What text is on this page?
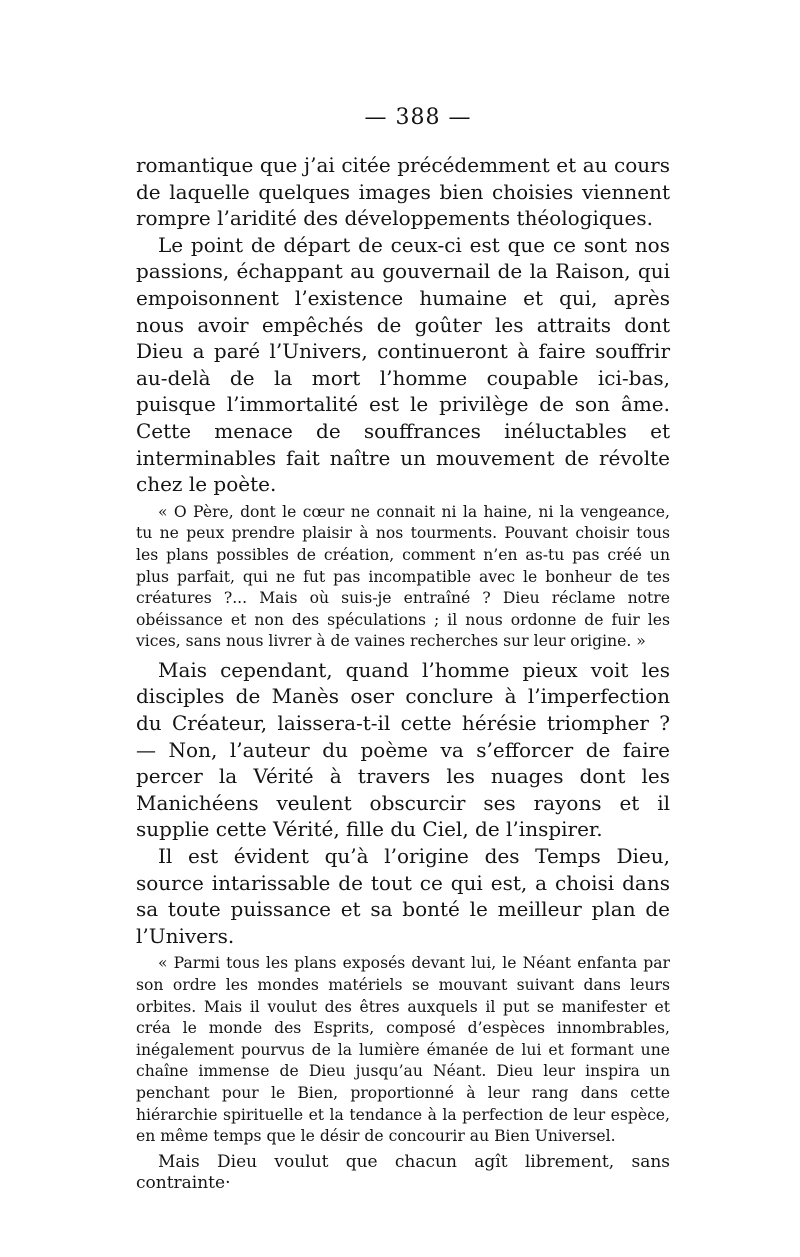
— 388 —

romantique que j’ai citée précédemment et au cours de laquelle quelques images bien choisies viennent rompre l’aridité des développements théologiques.

Le point de départ de ceux-ci est que ce sont nos passions, échappant au gouvernail de la Raison, qui empoisonnent l’existence humaine et qui, après nous avoir empêchés de goûter les attraits dont Dieu a paré l’Univers, continueront à faire souffrir au-delà de la mort l’homme coupable ici-bas, puisque l’immortalité est le privilège de son âme. Cette menace de souffrances inéluctables et interminables fait naître un mouvement de révolte chez le poète.

« O Père, dont le cœur ne connait ni la haine, ni la vengeance, tu ne peux prendre plaisir à nos tourments. Pouvant choisir tous les plans possibles de création, comment n’en as-tu pas créé un plus parfait, qui ne fut pas incompatible avec le bonheur de tes créatures ?... Mais où suis-je entraîné ? Dieu réclame notre obéissance et non des spéculations ; il nous ordonne de fuir les vices, sans nous livrer à de vaines recherches sur leur origine. »

Mais cependant, quand l’homme pieux voit les disciples de Manès oser conclure à l’imperfection du Créateur, laissera-t-il cette hérésie triompher ? — Non, l’auteur du poème va s’efforcer de faire percer la Vérité à travers les nuages dont les Manichéens veulent obscurcir ses rayons et il supplie cette Vérité, fille du Ciel, de l’inspirer.

Il est évident qu’à l’origine des Temps Dieu, source intarissable de tout ce qui est, a choisi dans sa toute puissance et sa bonté le meilleur plan de l’Univers.

« Parmi tous les plans exposés devant lui, le Néant enfanta par son ordre les mondes matériels se mouvant suivant dans leurs orbites. Mais il voulut des êtres auxquels il put se manifester et créa le monde des Esprits, composé d’espèces innombrables, inégalement pourvus de la lumière émanée de lui et formant une chaîne immense de Dieu jusqu’au Néant. Dieu leur inspira un penchant pour le Bien, proportionné à leur rang dans cette hiérarchie spirituelle et la tendance à la perfection de leur espèce, en même temps que le désir de concourir au Bien Universel.

Mais Dieu voulut que chacun agît librement, sans contrainte·
